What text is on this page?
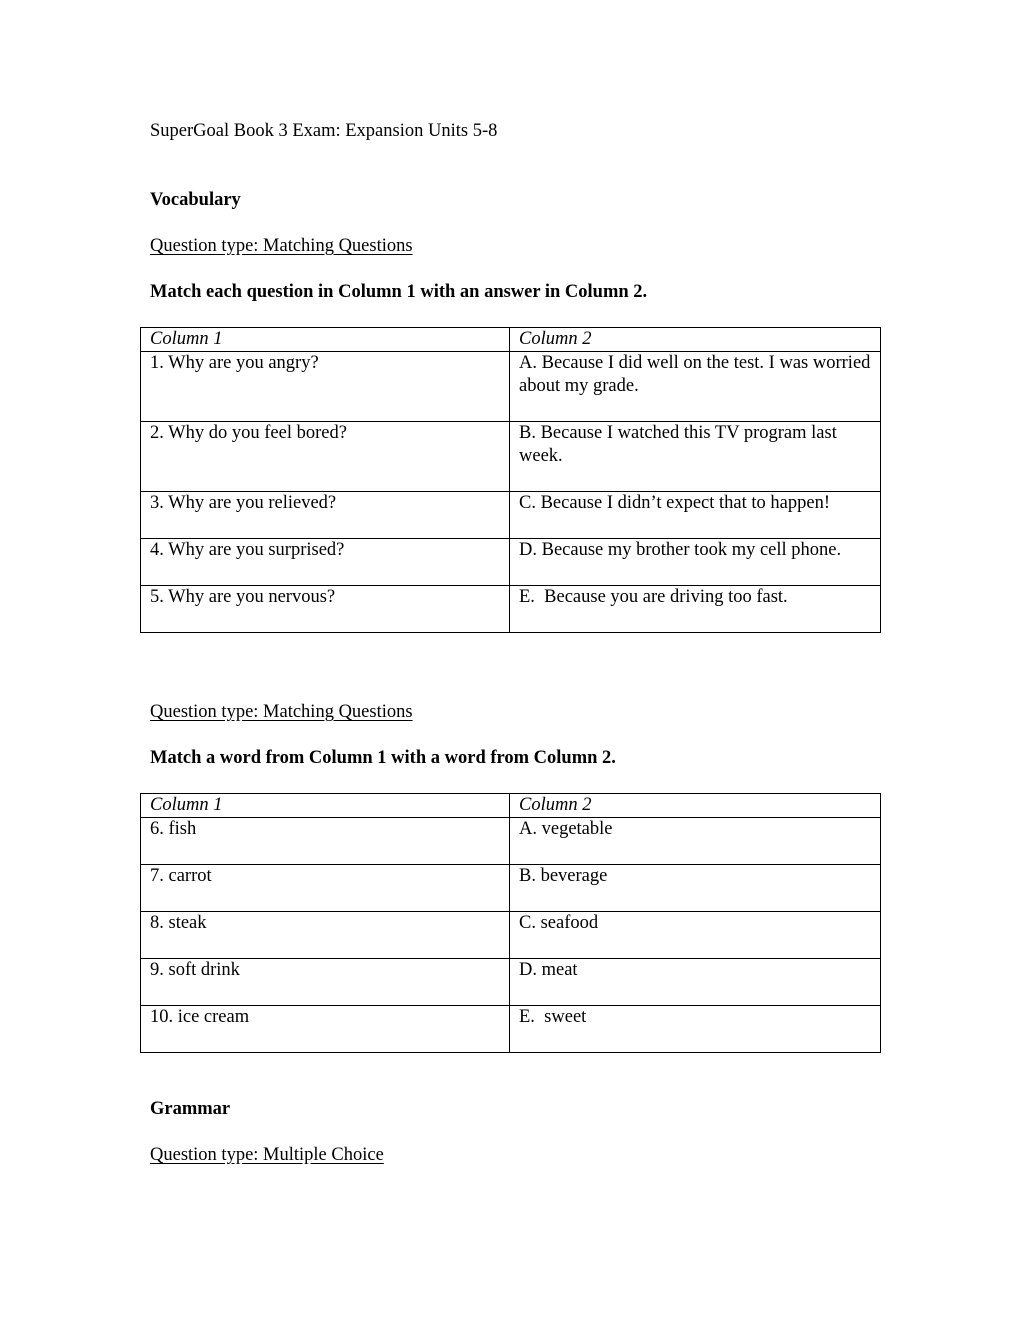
SuperGoal Book 3 Exam: Expansion Units 5-8
Vocabulary
Question type: Matching Questions
Match each question in Column 1 with an answer in Column 2.
Column 1	Column 2
1. Why are you angry?	A. Because I did well on the test. I was worried about my grade.
2. Why do you feel bored?	B. Because I watched this TV program last week.
3. Why are you relieved?	C. Because I didn’t expect that to happen!
4. Why are you surprised?	D. Because my brother took my cell phone.
5. Why are you nervous?	E.  Because you are driving too fast.
Question type: Matching Questions
Match a word from Column 1 with a word from Column 2.
Column 1	Column 2
6. fish	A. vegetable
7. carrot	B. beverage
8. steak	C. seafood
9. soft drink	D. meat
10. ice cream	E.  sweet
Grammar
Question type: Multiple Choice
